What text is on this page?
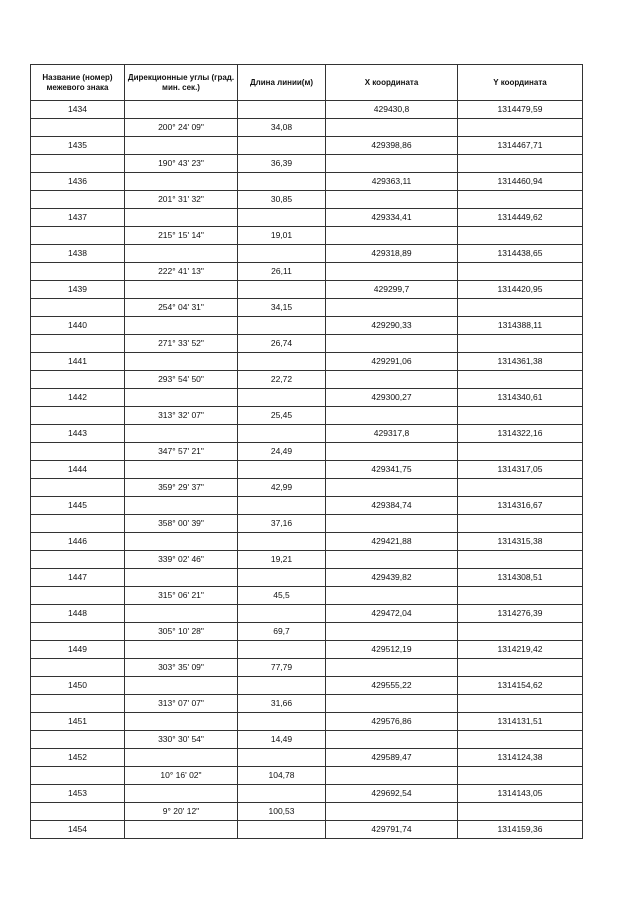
Название (номер) межевого знака	Дирекционные углы (град. мин. сек.)	Длина линии(м)	X координата	Y координата
1434			429430,8	1314479,59
	200° 24' 09"	34,08		
1435			429398,86	1314467,71
	190° 43' 23"	36,39		
1436			429363,11	1314460,94
	201° 31' 32"	30,85		
1437			429334,41	1314449,62
	215° 15' 14"	19,01		
1438			429318,89	1314438,65
	222° 41' 13"	26,11		
1439			429299,7	1314420,95
	254° 04' 31"	34,15		
1440			429290,33	1314388,11
	271° 33' 52"	26,74		
1441			429291,06	1314361,38
	293° 54' 50"	22,72		
1442			429300,27	1314340,61
	313° 32' 07"	25,45		
1443			429317,8	1314322,16
	347° 57' 21"	24,49		
1444			429341,75	1314317,05
	359° 29' 37"	42,99		
1445			429384,74	1314316,67
	358° 00' 39"	37,16		
1446			429421,88	1314315,38
	339° 02' 46"	19,21		
1447			429439,82	1314308,51
	315° 06' 21"	45,5		
1448			429472,04	1314276,39
	305° 10' 28"	69,7		
1449			429512,19	1314219,42
	303° 35' 09"	77,79		
1450			429555,22	1314154,62
	313° 07' 07"	31,66		
1451			429576,86	1314131,51
	330° 30' 54"	14,49		
1452			429589,47	1314124,38
	10° 16' 02"	104,78		
1453			429692,54	1314143,05
	9° 20' 12"	100,53		
1454			429791,74	1314159,36
